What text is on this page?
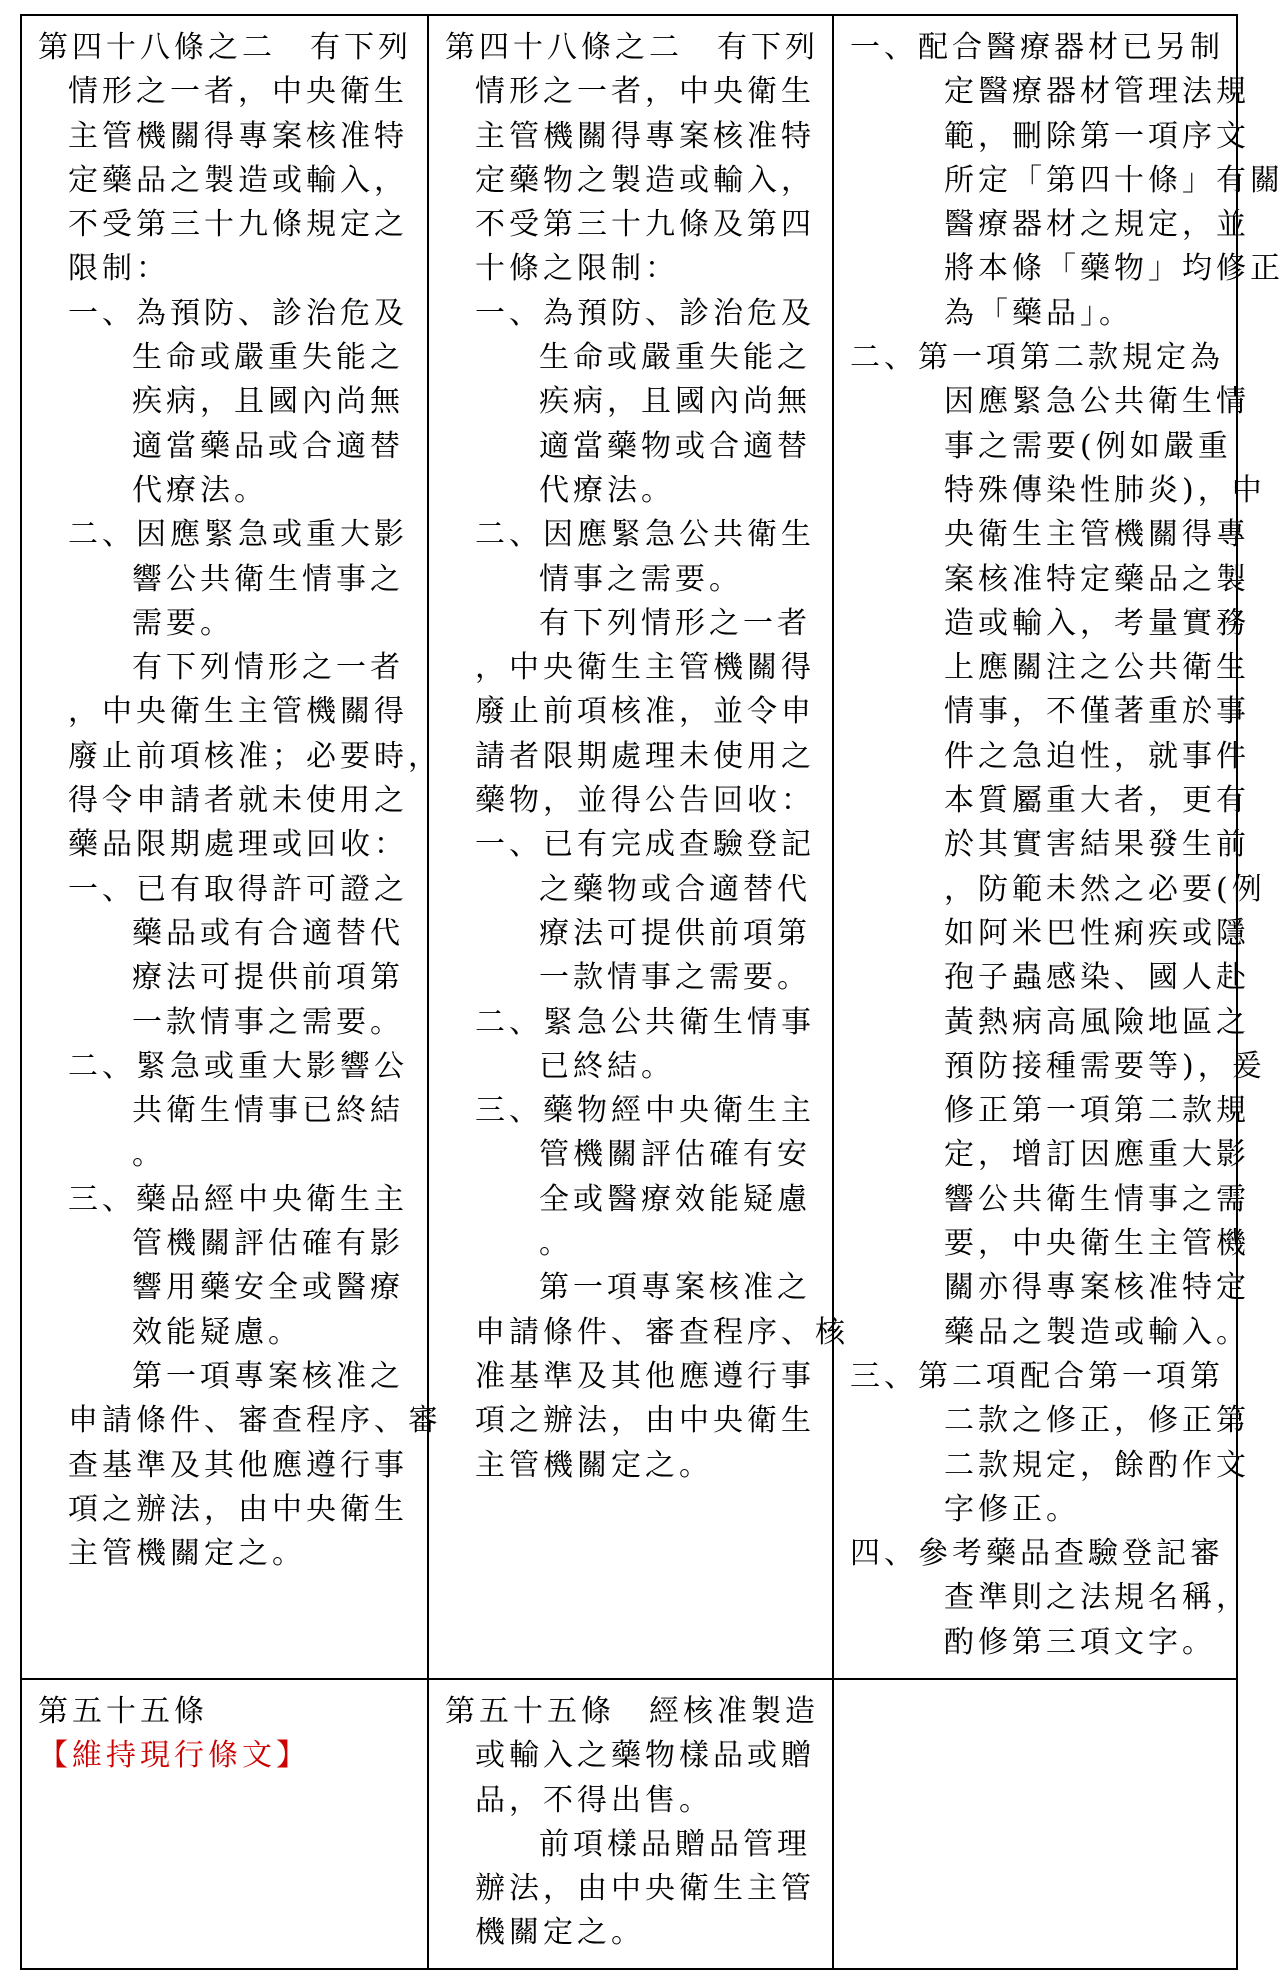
第四十八條之二　有下列
情形之一者，中央衛生
主管機關得專案核准特
定藥品之製造或輸入，
不受第三十九條規定之
限制：
一、為預防、診治危及
生命或嚴重失能之
疾病，且國內尚無
適當藥品或合適替
代療法。
二、因應緊急或重大影
響公共衛生情事之
需要。
有下列情形之一者
，中央衛生主管機關得
廢止前項核准；必要時，
得令申請者就未使用之
藥品限期處理或回收：
一、已有取得許可證之
藥品或有合適替代
療法可提供前項第
一款情事之需要。
二、緊急或重大影響公
共衛生情事已終結
。
三、藥品經中央衛生主
管機關評估確有影
響用藥安全或醫療
效能疑慮。
第一項專案核准之
申請條件、審查程序、審
查基準及其他應遵行事
項之辦法，由中央衛生
主管機關定之。
第四十八條之二　有下列
情形之一者，中央衛生
主管機關得專案核准特
定藥物之製造或輸入，
不受第三十九條及第四
十條之限制：
一、為預防、診治危及
生命或嚴重失能之
疾病，且國內尚無
適當藥物或合適替
代療法。
二、因應緊急公共衛生
情事之需要。
有下列情形之一者
，中央衛生主管機關得
廢止前項核准，並令申
請者限期處理未使用之
藥物，並得公告回收：
一、已有完成查驗登記
之藥物或合適替代
療法可提供前項第
一款情事之需要。
二、緊急公共衛生情事
已終結。
三、藥物經中央衛生主
管機關評估確有安
全或醫療效能疑慮
。
第一項專案核准之
申請條件、審查程序、核
准基準及其他應遵行事
項之辦法，由中央衛生
主管機關定之。
一、配合醫療器材已另制
定醫療器材管理法規
範，刪除第一項序文
所定「第四十條」有關
醫療器材之規定，並
將本條「藥物」均修正
為「藥品」。
二、第一項第二款規定為
因應緊急公共衛生情
事之需要(例如嚴重
特殊傳染性肺炎)，中
央衛生主管機關得專
案核准特定藥品之製
造或輸入，考量實務
上應關注之公共衛生
情事，不僅著重於事
件之急迫性，就事件
本質屬重大者，更有
於其實害結果發生前
，防範未然之必要(例
如阿米巴性痢疾或隱
孢子蟲感染、國人赴
黃熱病高風險地區之
預防接種需要等)，爰
修正第一項第二款規
定，增訂因應重大影
響公共衛生情事之需
要，中央衛生主管機
關亦得專案核准特定
藥品之製造或輸入。
三、第二項配合第一項第
二款之修正，修正第
二款規定，餘酌作文
字修正。
四、參考藥品查驗登記審
查準則之法規名稱，
酌修第三項文字。
第五十五條
【維持現行條文】
第五十五條　經核准製造
或輸入之藥物樣品或贈
品，不得出售。
前項樣品贈品管理
辦法，由中央衛生主管
機關定之。
